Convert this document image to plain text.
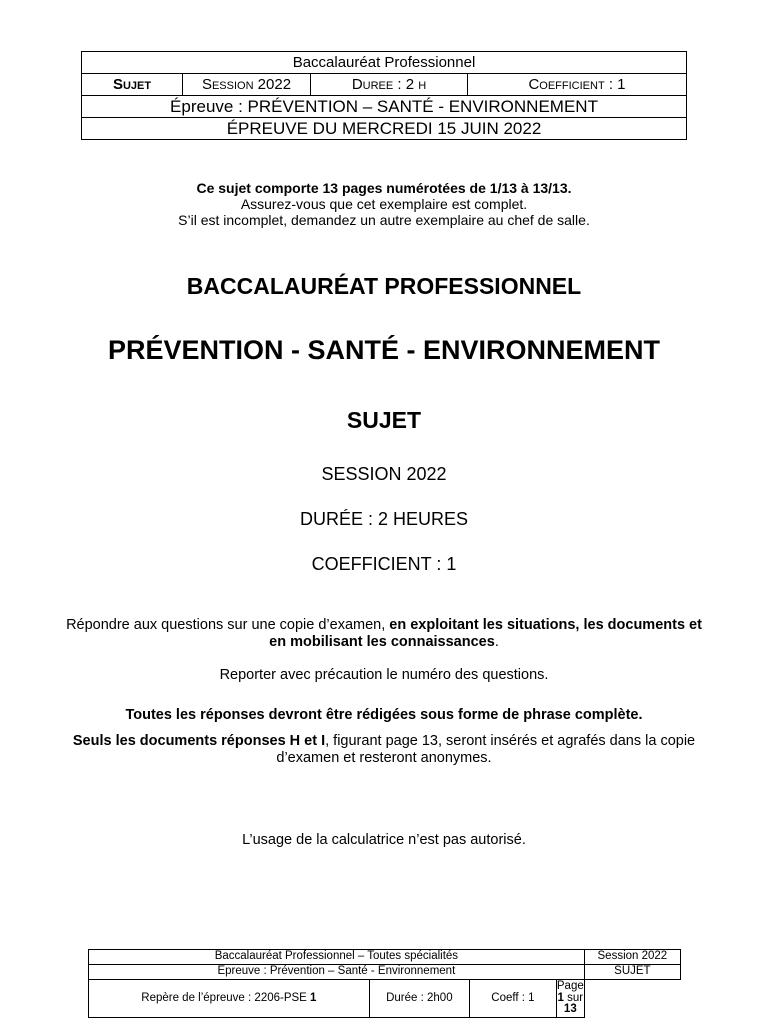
Baccalauréat Professionnel
Sujet	Session 2022	Duree : 2 h	Coefficient : 1
Épreuve : PRÉVENTION – SANTÉ - ENVIRONNEMENT
ÉPREUVE DU MERCREDI 15 JUIN 2022
Ce sujet comporte 13 pages numérotées de 1/13 à 13/13.
Assurez-vous que cet exemplaire est complet.
S’il est incomplet, demandez un autre exemplaire au chef de salle.
BACCALAURÉAT PROFESSIONNEL
PRÉVENTION - SANTÉ - ENVIRONNEMENT
SUJET
SESSION 2022
DURÉE : 2 HEURES
COEFFICIENT : 1
Répondre aux questions sur une copie d’examen, en exploitant les situations, les documents et en mobilisant les connaissances.
Reporter avec précaution le numéro des questions.
Toutes les réponses devront être rédigées sous forme de phrase complète.
Seuls les documents réponses H et I, figurant page 13, seront insérés et agrafés dans la copie d’examen et resteront anonymes.
L’usage de la calculatrice n’est pas autorisé.
Baccalauréat Professionnel – Toutes spécialités				Session 2022
Epreuve : Prévention – Santé - Environnement				SUJET
Repère de l’épreuve : 2206-PSE 1	Durée : 2h00	Coeff : 1	Page 1 sur 13	
